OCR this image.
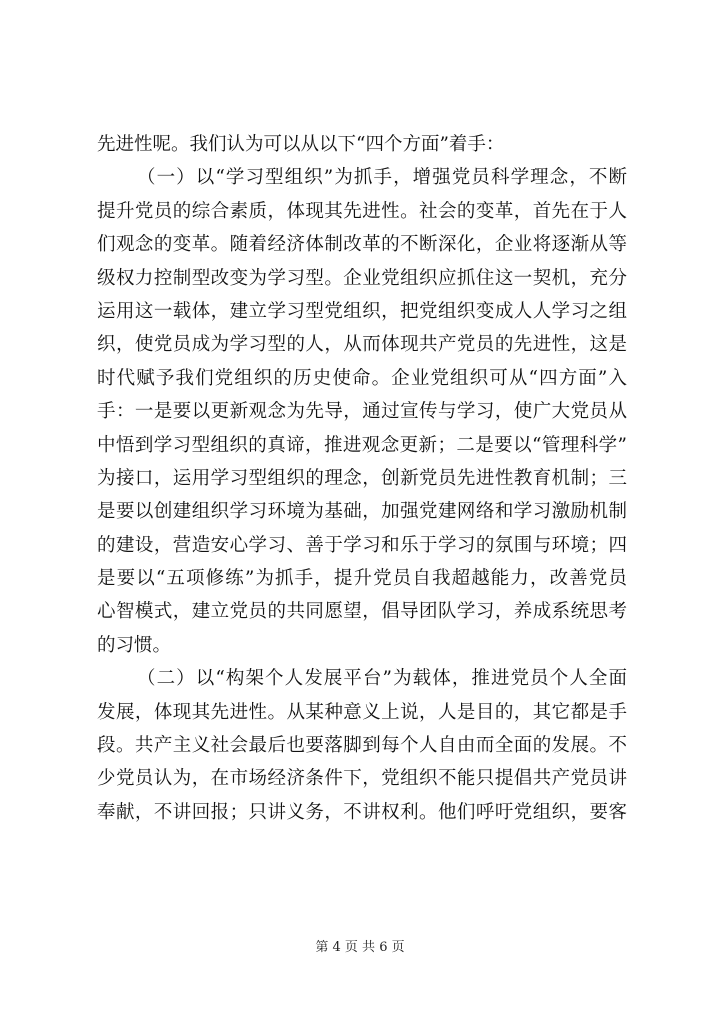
先进性呢。我们认为可以从以下“四个方面”着手：
（一）以“学习型组织”为抓手，增强党员科学理念，不断
提升党员的综合素质，体现其先进性。社会的变革，首先在于人
们观念的变革。随着经济体制改革的不断深化，企业将逐渐从等
级权力控制型改变为学习型。企业党组织应抓住这一契机，充分
运用这一载体，建立学习型党组织，把党组织变成人人学习之组
织，使党员成为学习型的人，从而体现共产党员的先进性，这是
时代赋予我们党组织的历史使命。企业党组织可从“四方面”入
手：一是要以更新观念为先导，通过宣传与学习，使广大党员从
中悟到学习型组织的真谛，推进观念更新；二是要以“管理科学”
为接口，运用学习型组织的理念，创新党员先进性教育机制；三
是要以创建组织学习环境为基础，加强党建网络和学习激励机制
的建设，营造安心学习、善于学习和乐于学习的氛围与环境；四
是要以“五项修练”为抓手，提升党员自我超越能力，改善党员
心智模式，建立党员的共同愿望，倡导团队学习，养成系统思考
的习惯。
（二）以“构架个人发展平台”为载体，推进党员个人全面
发展，体现其先进性。从某种意义上说，人是目的，其它都是手
段。共产主义社会最后也要落脚到每个人自由而全面的发展。不
少党员认为，在市场经济条件下，党组织不能只提倡共产党员讲
奉献，不讲回报；只讲义务，不讲权利。他们呼吁党组织，要客
第 4 页 共 6 页
